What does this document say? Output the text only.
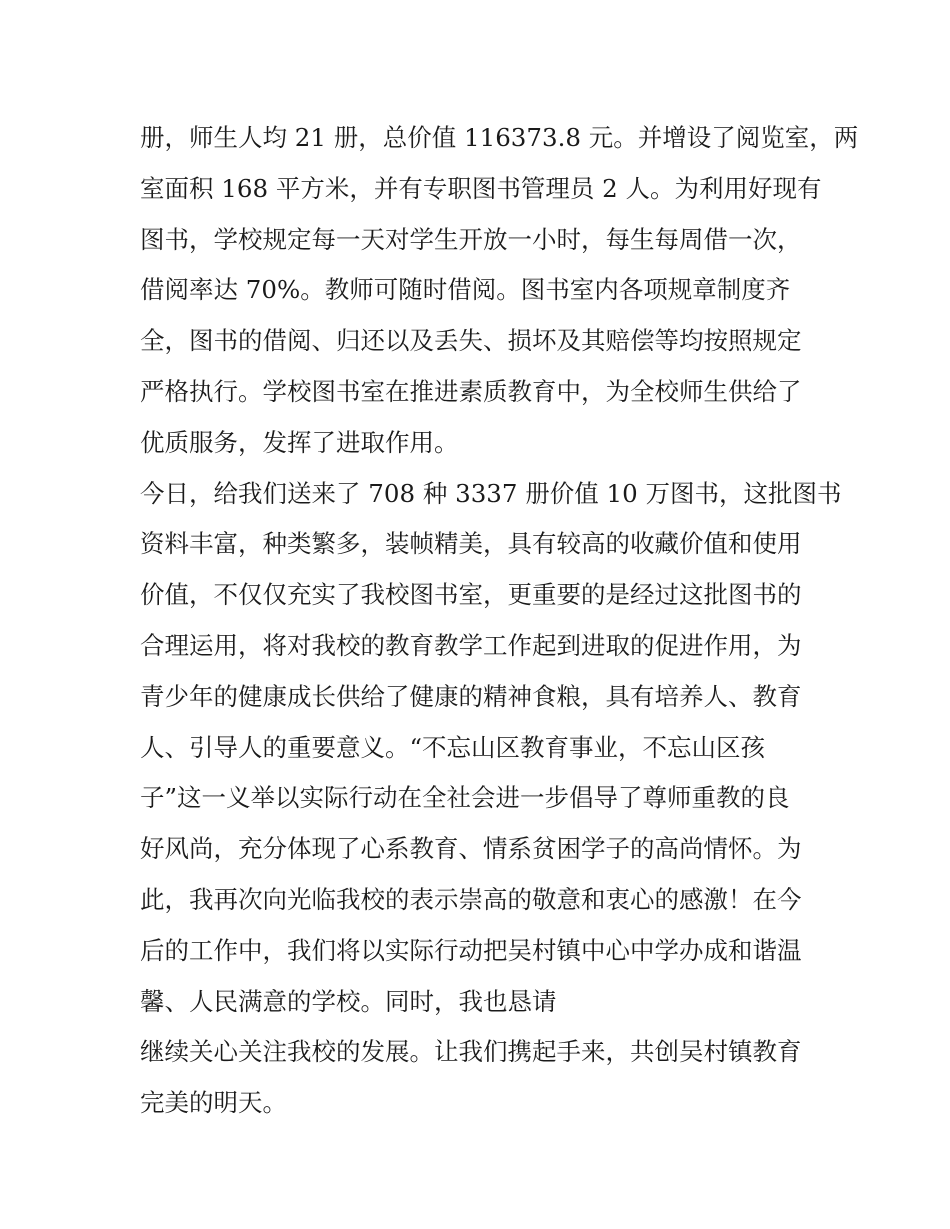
册，师生人均 21 册，总价值 116373.8 元。并增设了阅览室，两
室面积 168 平方米，并有专职图书管理员 2 人。为利用好现有
图书，学校规定每一天对学生开放一小时，每生每周借一次，
借阅率达 70%。教师可随时借阅。图书室内各项规章制度齐
全，图书的借阅、归还以及丢失、损坏及其赔偿等均按照规定
严格执行。学校图书室在推进素质教育中，为全校师生供给了
优质服务，发挥了进取作用。
今日，给我们送来了 708 种 3337 册价值 10 万图书，这批图书
资料丰富，种类繁多，装帧精美，具有较高的收藏价值和使用
价值，不仅仅充实了我校图书室，更重要的是经过这批图书的
合理运用，将对我校的教育教学工作起到进取的促进作用，为
青少年的健康成长供给了健康的精神食粮，具有培养人、教育
人、引导人的重要意义。“不忘山区教育事业，不忘山区孩
子”这一义举以实际行动在全社会进一步倡导了尊师重教的良
好风尚，充分体现了心系教育、情系贫困学子的高尚情怀。为
此，我再次向光临我校的表示崇高的敬意和衷心的感激！在今
后的工作中，我们将以实际行动把吴村镇中心中学办成和谐温
馨、人民满意的学校。同时，我也恳请
继续关心关注我校的发展。让我们携起手来，共创吴村镇教育
完美的明天。
